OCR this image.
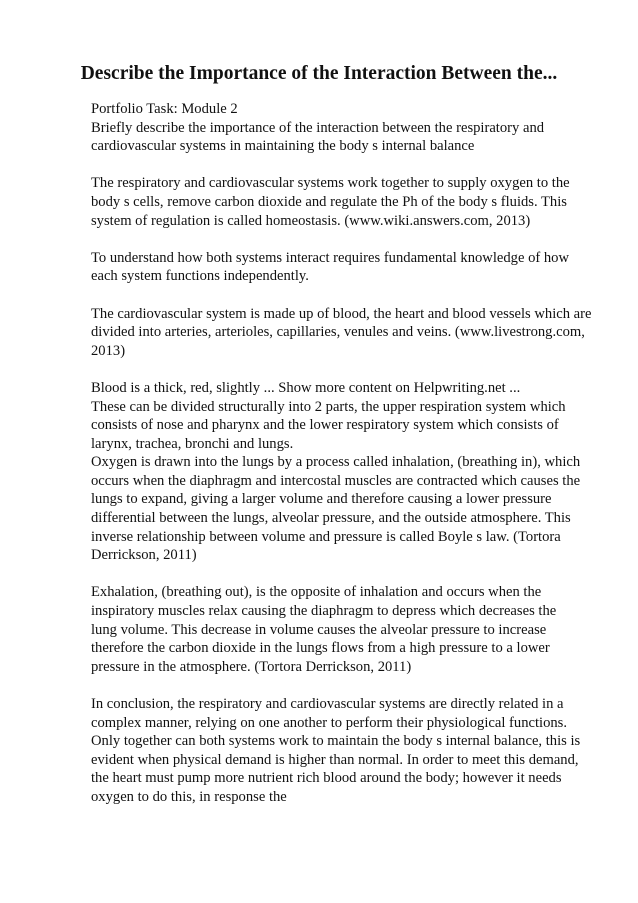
Describe the Importance of the Interaction Between the...
Portfolio Task: Module 2
Briefly describe the importance of the interaction between the respiratory and
cardiovascular systems in maintaining the body s internal balance
The respiratory and cardiovascular systems work together to supply oxygen to the
body s cells, remove carbon dioxide and regulate the Ph of the body s fluids. This
system of regulation is called homeostasis. (www.wiki.answers.com, 2013)
To understand how both systems interact requires fundamental knowledge of how
each system functions independently.
The cardiovascular system is made up of blood, the heart and blood vessels which are
divided into arteries, arterioles, capillaries, venules and veins. (www.livestrong.com,
2013)
Blood is a thick, red, slightly ... Show more content on Helpwriting.net ...
These can be divided structurally into 2 parts, the upper respiration system which
consists of nose and pharynx and the lower respiratory system which consists of
larynx, trachea, bronchi and lungs.
Oxygen is drawn into the lungs by a process called inhalation, (breathing in), which
occurs when the diaphragm and intercostal muscles are contracted which causes the
lungs to expand, giving a larger volume and therefore causing a lower pressure
differential between the lungs, alveolar pressure, and the outside atmosphere. This
inverse relationship between volume and pressure is called Boyle s law. (Tortora
Derrickson, 2011)
Exhalation, (breathing out), is the opposite of inhalation and occurs when the
inspiratory muscles relax causing the diaphragm to depress which decreases the
lung volume. This decrease in volume causes the alveolar pressure to increase
therefore the carbon dioxide in the lungs flows from a high pressure to a lower
pressure in the atmosphere. (Tortora Derrickson, 2011)
In conclusion, the respiratory and cardiovascular systems are directly related in a
complex manner, relying on one another to perform their physiological functions.
Only together can both systems work to maintain the body s internal balance, this is
evident when physical demand is higher than normal. In order to meet this demand,
the heart must pump more nutrient rich blood around the body; however it needs
oxygen to do this, in response the
